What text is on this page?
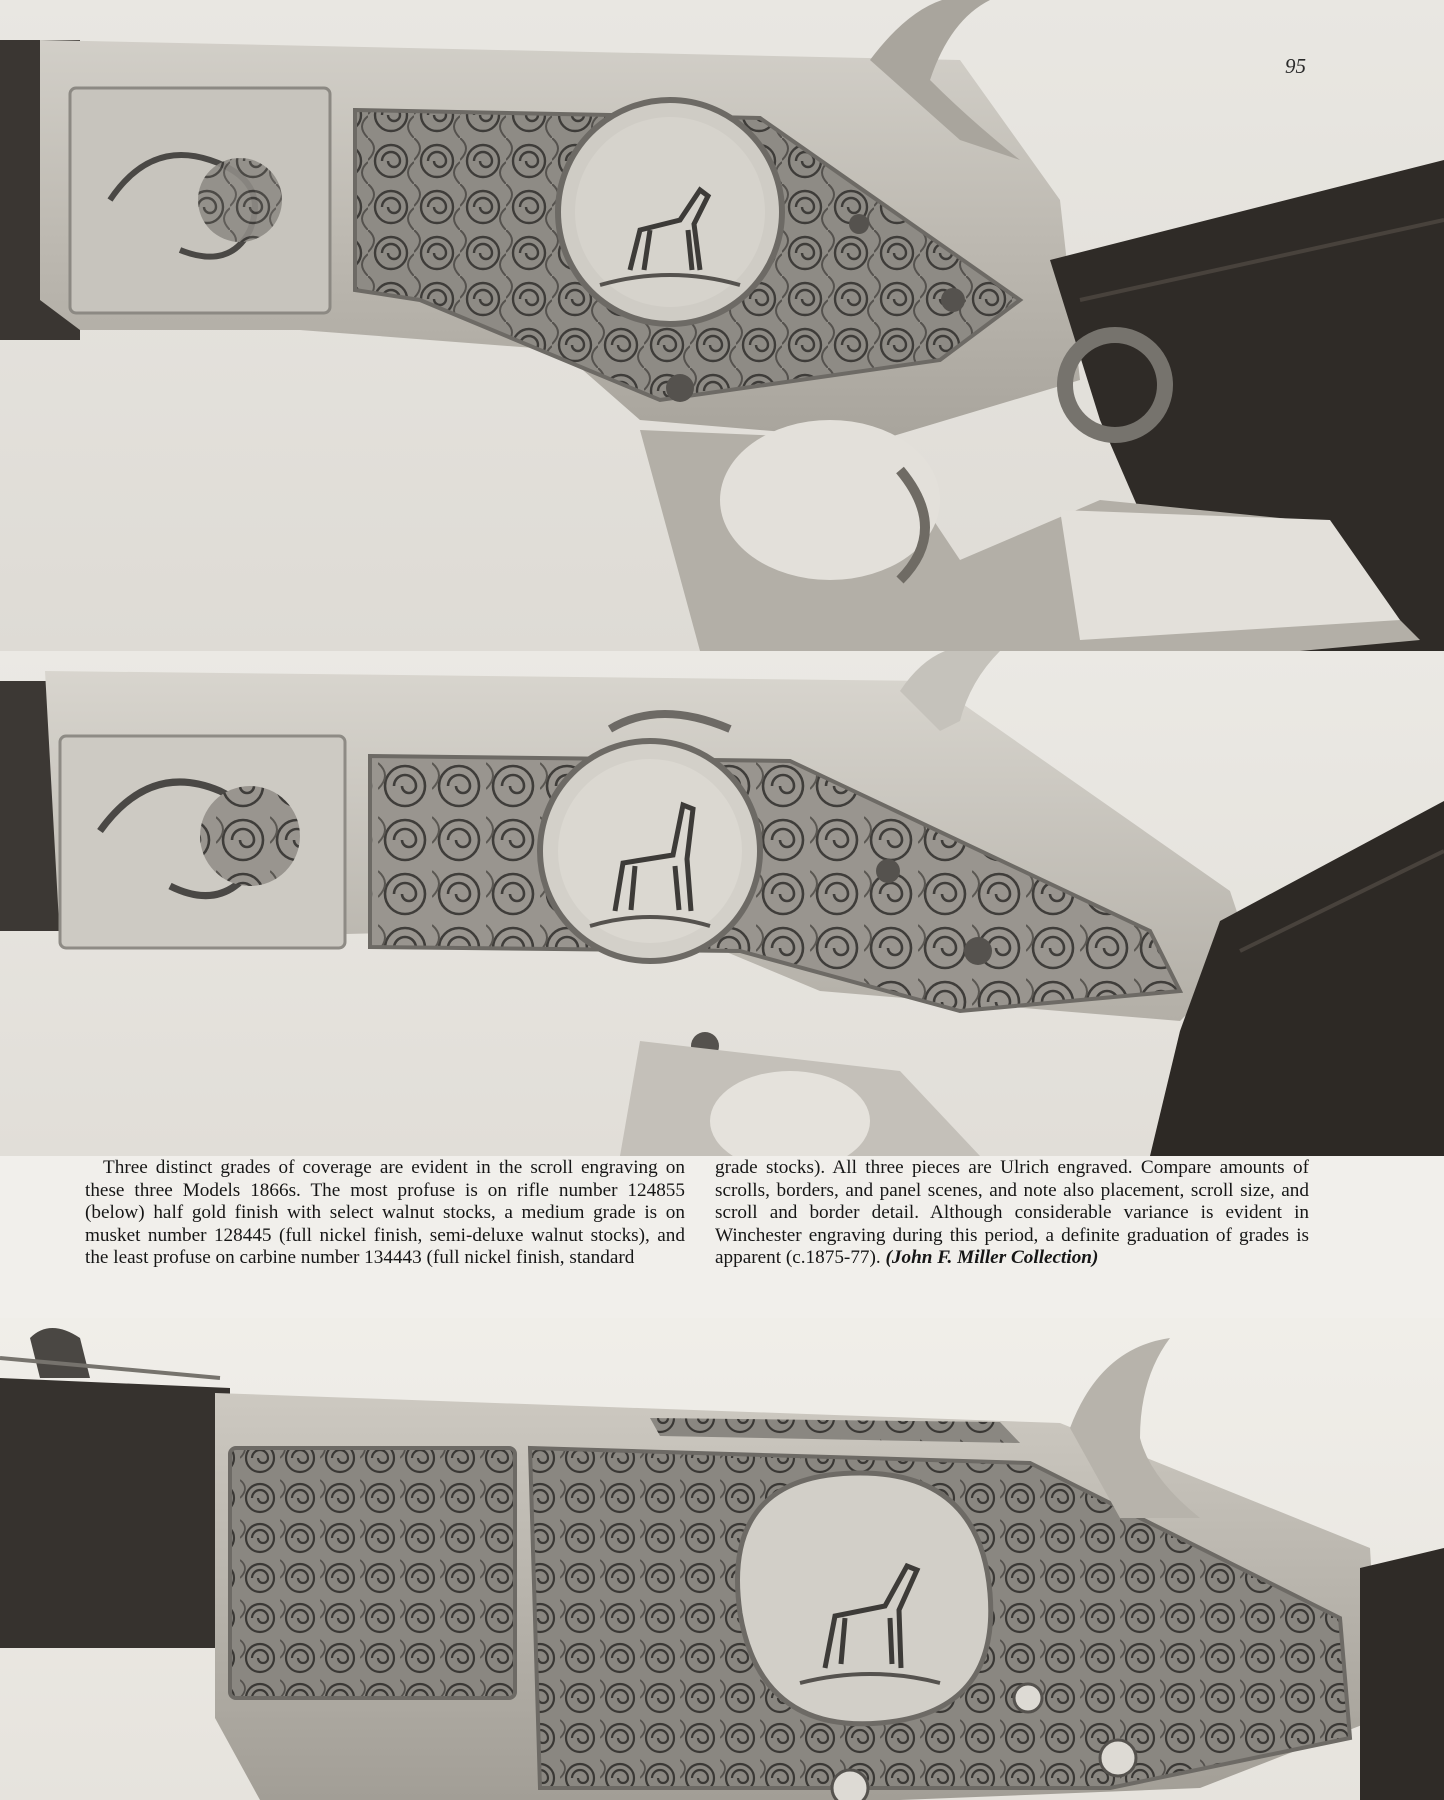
95

Three distinct grades of coverage are evident in the scroll engraving on these three Models 1866s. The most profuse is on rifle number 124855 (below) half gold finish with select walnut stocks, a medium grade is on musket number 128445 (full nickel finish, semi-deluxe walnut stocks), and the least profuse on carbine number 134443 (full nickel finish, standard

grade stocks). All three pieces are Ulrich engraved. Compare amounts of scrolls, borders, and panel scenes, and note also placement, scroll size, and scroll and border detail. Although considerable variance is evident in Winchester engraving during this period, a definite graduation of grades is apparent (c.1875-77). (John F. Miller Collection)
